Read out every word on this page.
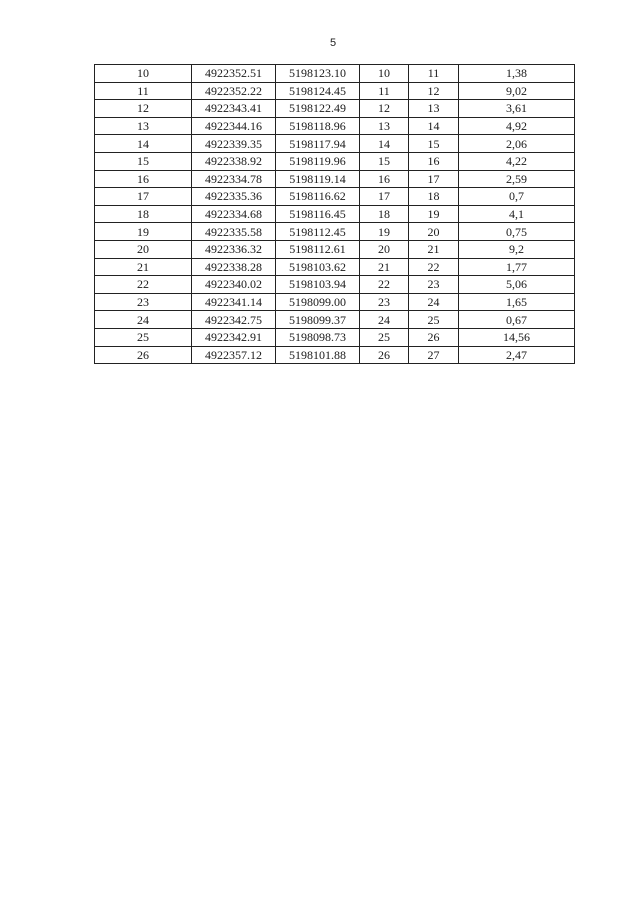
5
10	4922352.51	5198123.10	10	11	1,38
11	4922352.22	5198124.45	11	12	9,02
12	4922343.41	5198122.49	12	13	3,61
13	4922344.16	5198118.96	13	14	4,92
14	4922339.35	5198117.94	14	15	2,06
15	4922338.92	5198119.96	15	16	4,22
16	4922334.78	5198119.14	16	17	2,59
17	4922335.36	5198116.62	17	18	0,7
18	4922334.68	5198116.45	18	19	4,1
19	4922335.58	5198112.45	19	20	0,75
20	4922336.32	5198112.61	20	21	9,2
21	4922338.28	5198103.62	21	22	1,77
22	4922340.02	5198103.94	22	23	5,06
23	4922341.14	5198099.00	23	24	1,65
24	4922342.75	5198099.37	24	25	0,67
25	4922342.91	5198098.73	25	26	14,56
26	4922357.12	5198101.88	26	27	2,47
